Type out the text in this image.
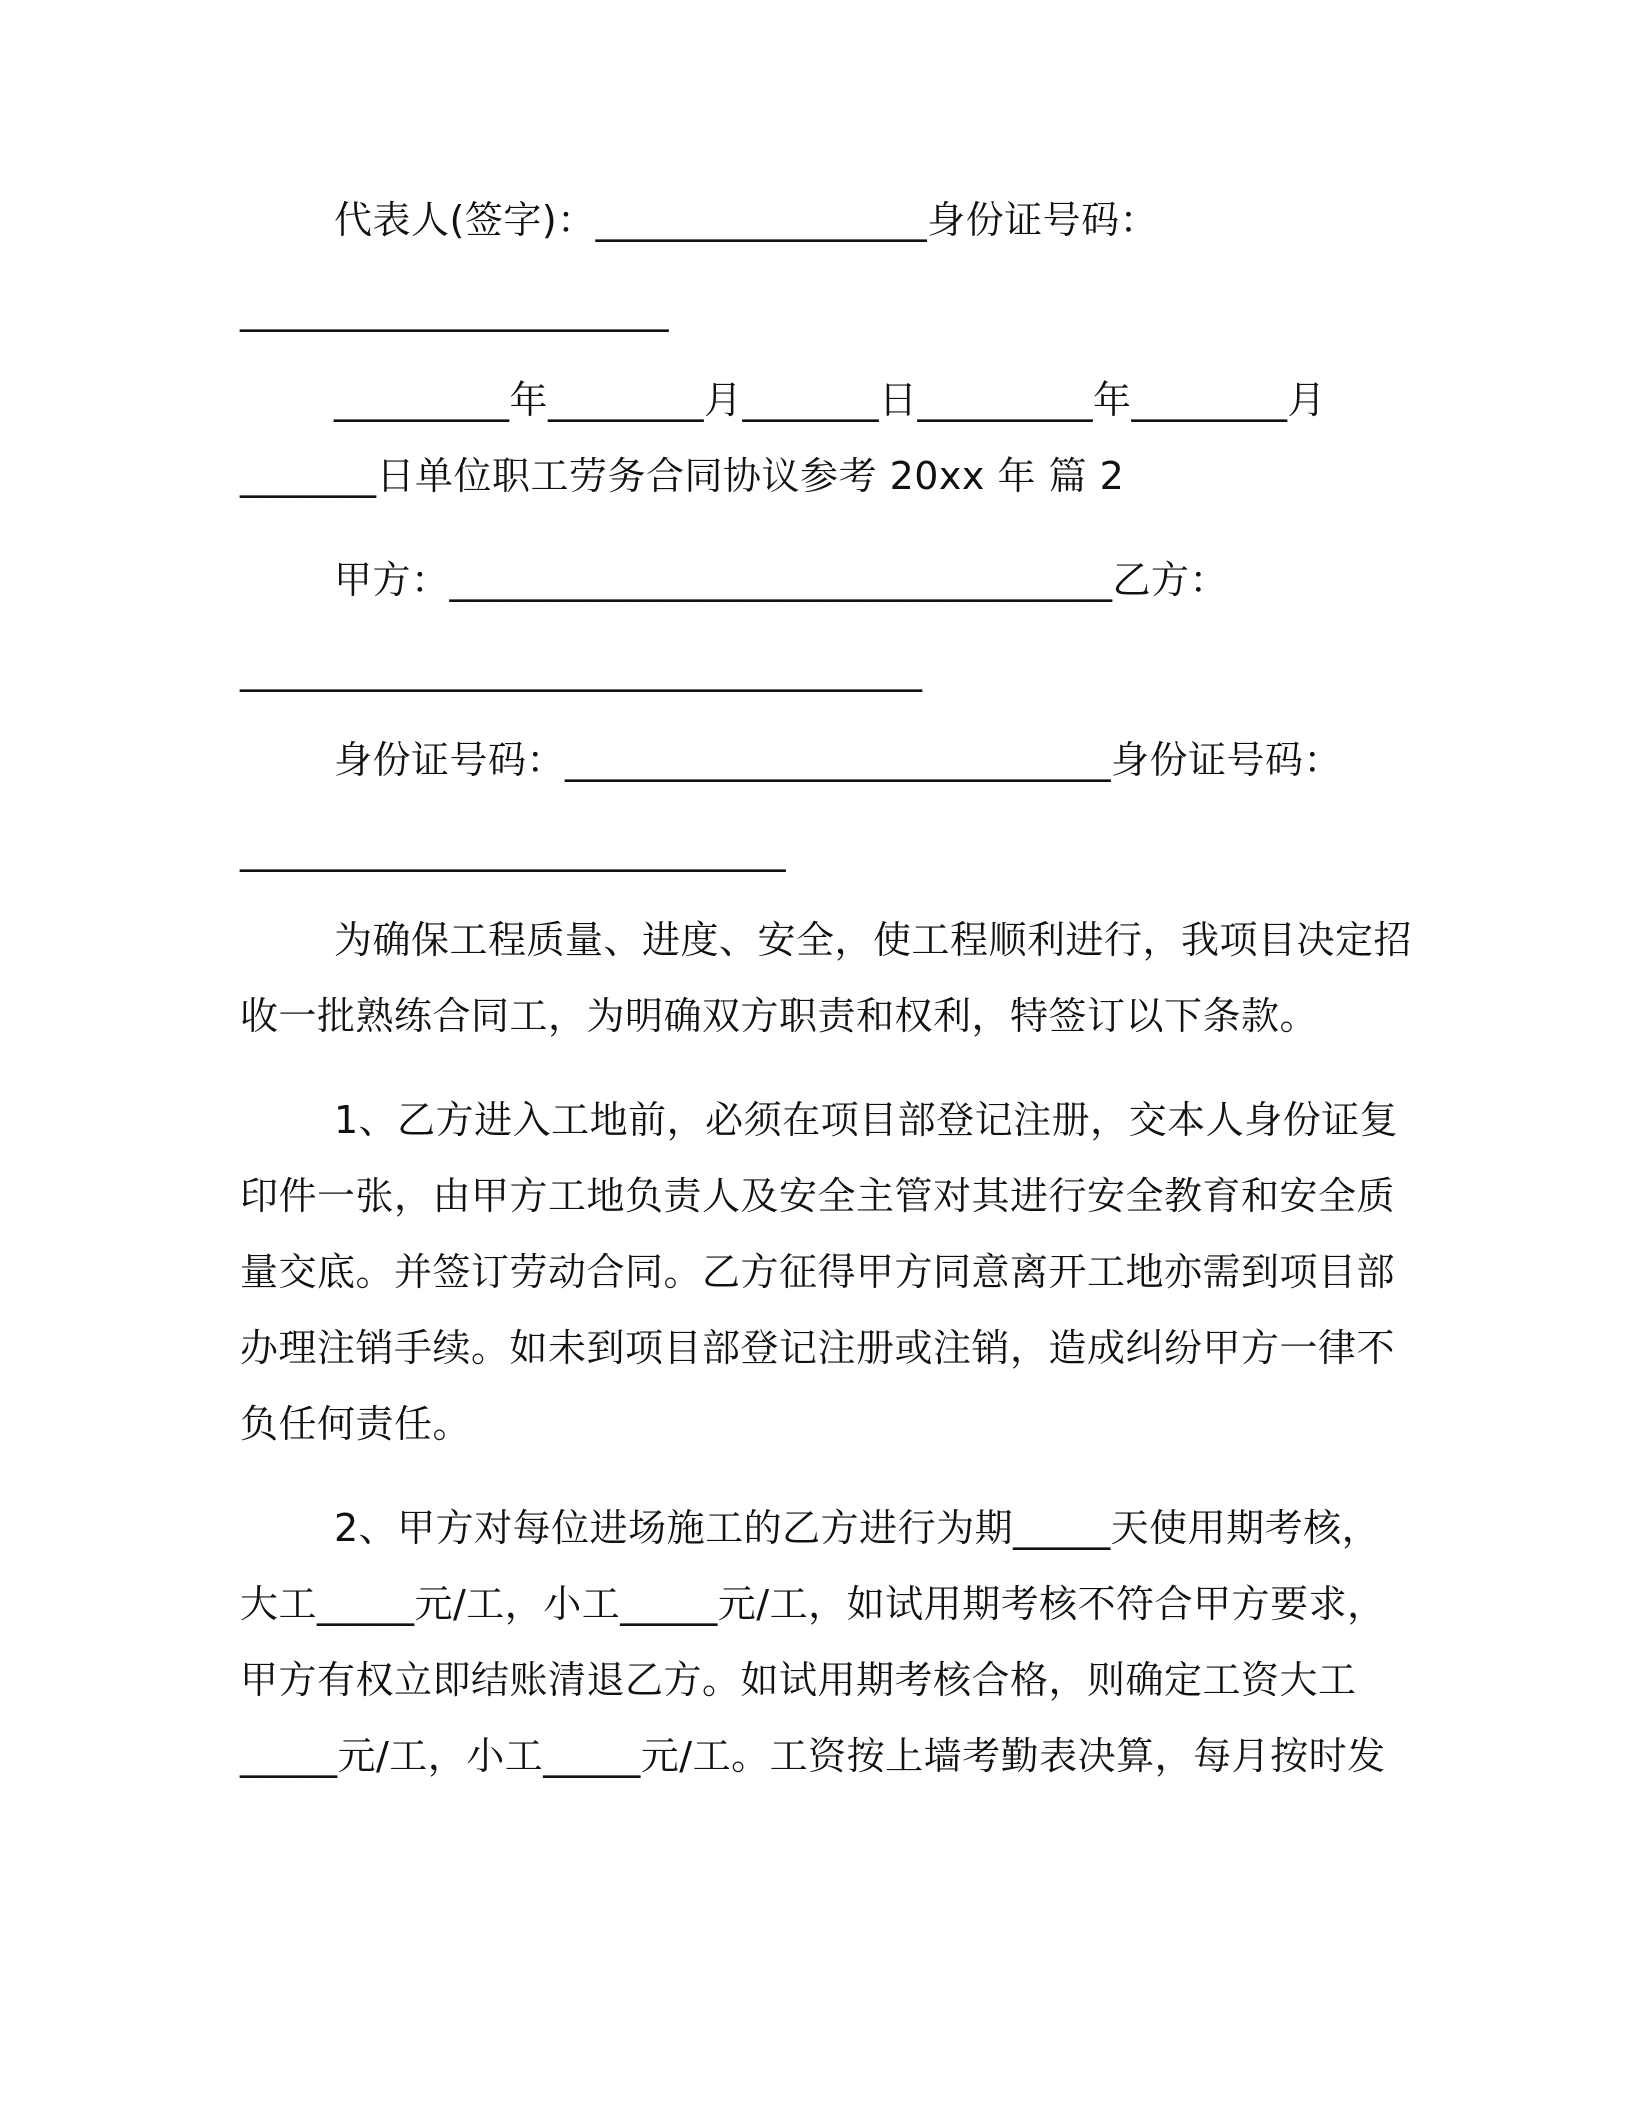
代表人(签字)：_________________身份证号码：
______________________
_________年________月_______日_________年________月
_______日单位职工劳务合同协议参考 20xx 年 篇 2
甲方：__________________________________乙方：
___________________________________
身份证号码：____________________________身份证号码：
____________________________
为确保工程质量、进度、安全，使工程顺利进行，我项目决定招
收一批熟练合同工，为明确双方职责和权利，特签订以下条款。
1、乙方进入工地前，必须在项目部登记注册，交本人身份证复
印件一张，由甲方工地负责人及安全主管对其进行安全教育和安全质
量交底。并签订劳动合同。乙方征得甲方同意离开工地亦需到项目部
办理注销手续。如未到项目部登记注册或注销，造成纠纷甲方一律不
负任何责任。
2、甲方对每位进场施工的乙方进行为期_____天使用期考核，
大工_____元/工，小工_____元/工，如试用期考核不符合甲方要求，
甲方有权立即结账清退乙方。如试用期考核合格，则确定工资大工
_____元/工，小工_____元/工。工资按上墙考勤表决算，每月按时发
